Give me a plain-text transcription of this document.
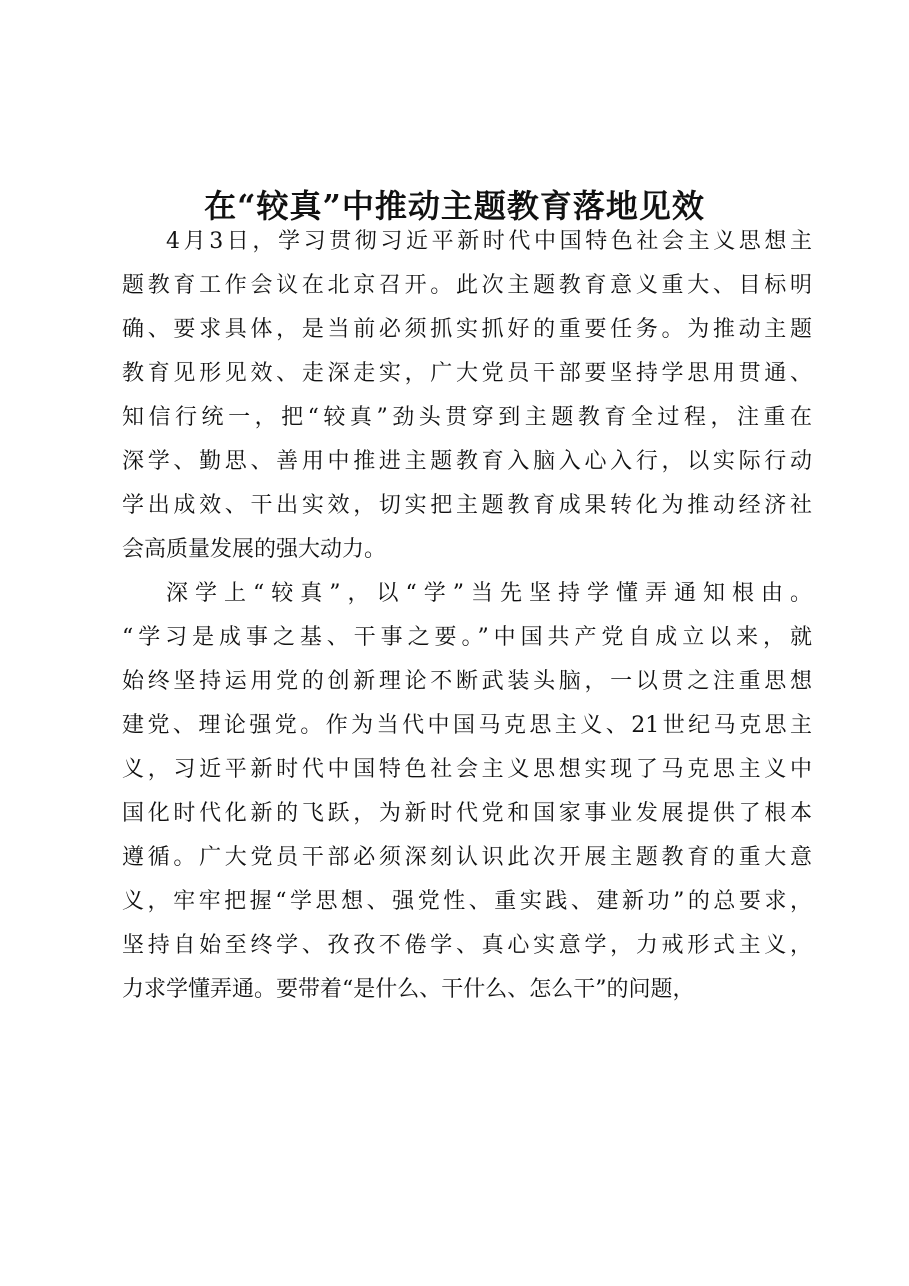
在“较真”中推动主题教育落地见效

4月3日，学习贯彻习近平新时代中国特色社会主义思想主
题教育工作会议在北京召开。此次主题教育意义重大、目标明
确、要求具体，是当前必须抓实抓好的重要任务。为推动主题
教育见形见效、走深走实，广大党员干部要坚持学思用贯通、
知信行统一，把“较真”劲头贯穿到主题教育全过程，注重在
深学、勤思、善用中推进主题教育入脑入心入行，以实际行动
学出成效、干出实效，切实把主题教育成果转化为推动经济社
会高质量发展的强大动力。

深学上“较真”，以“学”当先坚持学懂弄通知根由。
“学习是成事之基、干事之要。”中国共产党自成立以来，就
始终坚持运用党的创新理论不断武装头脑，一以贯之注重思想
建党、理论强党。作为当代中国马克思主义、21世纪马克思主
义，习近平新时代中国特色社会主义思想实现了马克思主义中
国化时代化新的飞跃，为新时代党和国家事业发展提供了根本
遵循。广大党员干部必须深刻认识此次开展主题教育的重大意
义，牢牢把握“学思想、强党性、重实践、建新功”的总要求，
坚持自始至终学、孜孜不倦学、真心实意学，力戒形式主义，
力求学懂弄通。要带着“是什么、干什么、怎么干”的问题，
